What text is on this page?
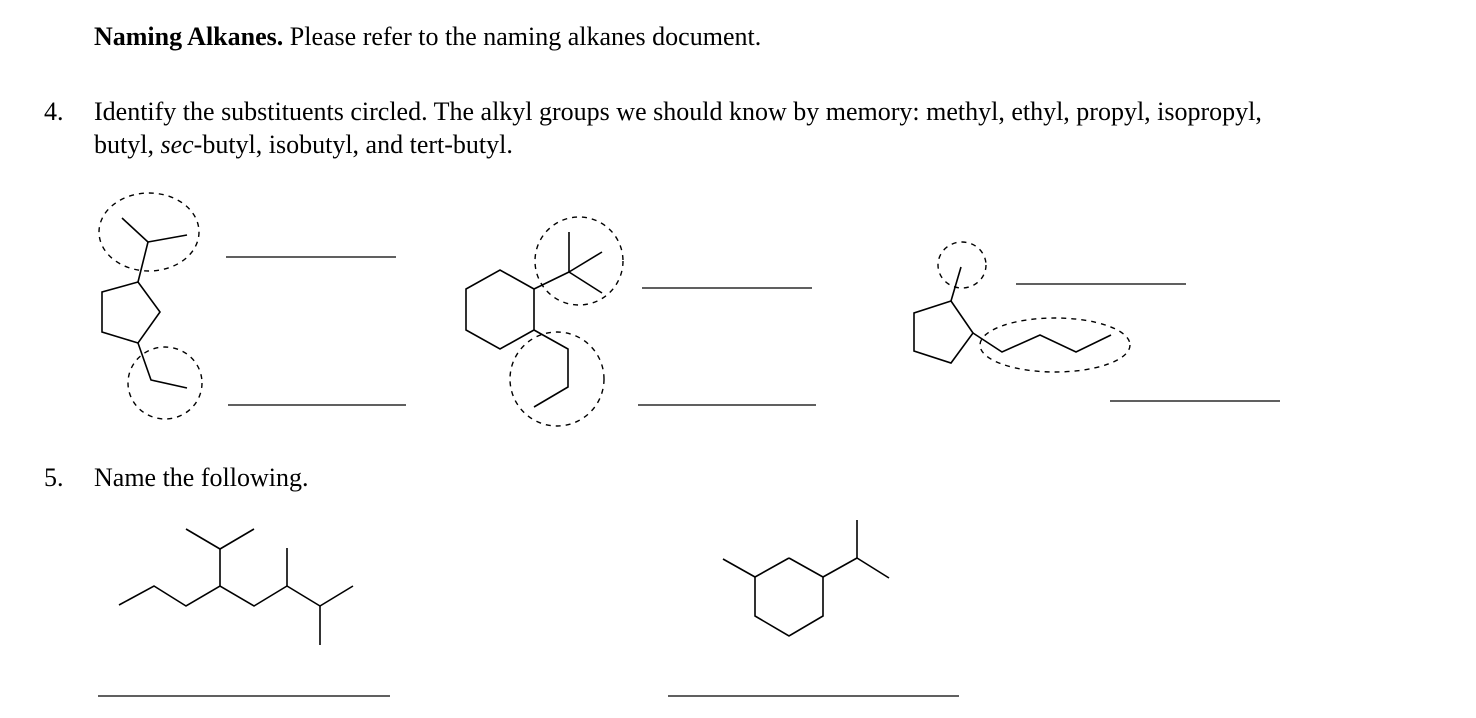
Naming Alkanes. Please refer to the naming alkanes document.
4.	Identify the substituents circled. The alkyl groups we should know by memory: methyl, ethyl, propyl, isopropyl,
butyl, sec-butyl, isobutyl, and tert-butyl.
5.	Name the following.
